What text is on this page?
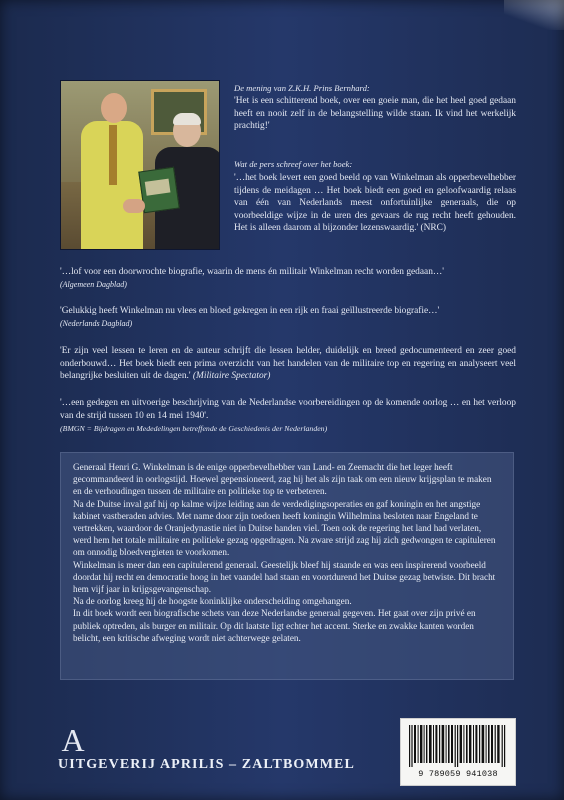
De mening van Z.K.H. Prins Bernhard:

'Het is een schitterend boek, over een goeie man, die het heel goed gedaan heeft en nooit zelf in de belangstelling wilde staan. Ik vind het werkelijk prachtig!'

Wat de pers schreef over het boek:

'…het boek levert een goed beeld op van Winkelman als opperbevelhebber tijdens de meidagen … Het boek biedt een goed en geloofwaardig relaas van één van Nederlands meest onfortuinlijke generaals, die op voorbeeldige wijze in de uren des gevaars de rug recht heeft gehouden. Het is alleen daarom al bijzonder lezenswaardig.' (NRC)

'…lof voor een doorwrochte biografie, waarin de mens én militair Winkelman recht worden gedaan…'

(Algemeen Dagblad)

'Gelukkig heeft Winkelman nu vlees en bloed gekregen in een rijk en fraai geïllustreerde biografie…'

(Nederlands Dagblad)

'Er zijn veel lessen te leren en de auteur schrijft die lessen helder, duidelijk en breed gedocumenteerd en zeer goed onderbouwd… Het boek biedt een prima overzicht van het handelen van de militaire top en regering en analyseert veel belangrijke besluiten uit de dagen.' (Militaire Spectator)

'…een gedegen en uitvoerige beschrijving van de Nederlandse voorbereidingen op de komende oorlog … en het verloop van de strijd tussen 10 en 14 mei 1940'.

(BMGN = Bijdragen en Mededelingen betreffende de Geschiedenis der Nederlanden)

Generaal Henri G. Winkelman is de enige opperbevelhebber van Land- en Zeemacht die het leger heeft gecommandeerd in oorlogstijd. Hoewel gepensioneerd, zag hij het als zijn taak om een nieuw krijgsplan te maken en de verhoudingen tussen de militaire en politieke top te verbeteren.

Na de Duitse inval gaf hij op kalme wijze leiding aan de verdedigingsoperaties en gaf koningin en het angstige kabinet vastberaden advies. Met name door zijn toedoen heeft koningin Wilhelmina besloten naar Engeland te vertrekken, waardoor de Oranjedynastie niet in Duitse handen viel. Toen ook de regering het land had verlaten, werd hem het totale militaire en politieke gezag opgedragen. Na zware strijd zag hij zich gedwongen te capituleren om onnodig bloedvergieten te voorkomen.

Winkelman is meer dan een capitulerend generaal. Geestelijk bleef hij staande en was een inspirerend voorbeeld doordat hij recht en democratie hoog in het vaandel had staan en voortdurend het Duitse gezag betwiste. Dit bracht hem vijf jaar in krijgsgevangenschap.

Na de oorlog kreeg hij de hoogste koninklijke onderscheiding omgehangen.

In dit boek wordt een biografische schets van deze Nederlandse generaal gegeven. Het gaat over zijn privé en publiek optreden, als burger en militair. Op dit laatste ligt echter het accent. Sterke en zwakke kanten worden belicht, een kritische afweging wordt niet achterwege gelaten.

A
UITGEVERIJ APRILIS – ZALTBOMMEL
9 789059 941038
